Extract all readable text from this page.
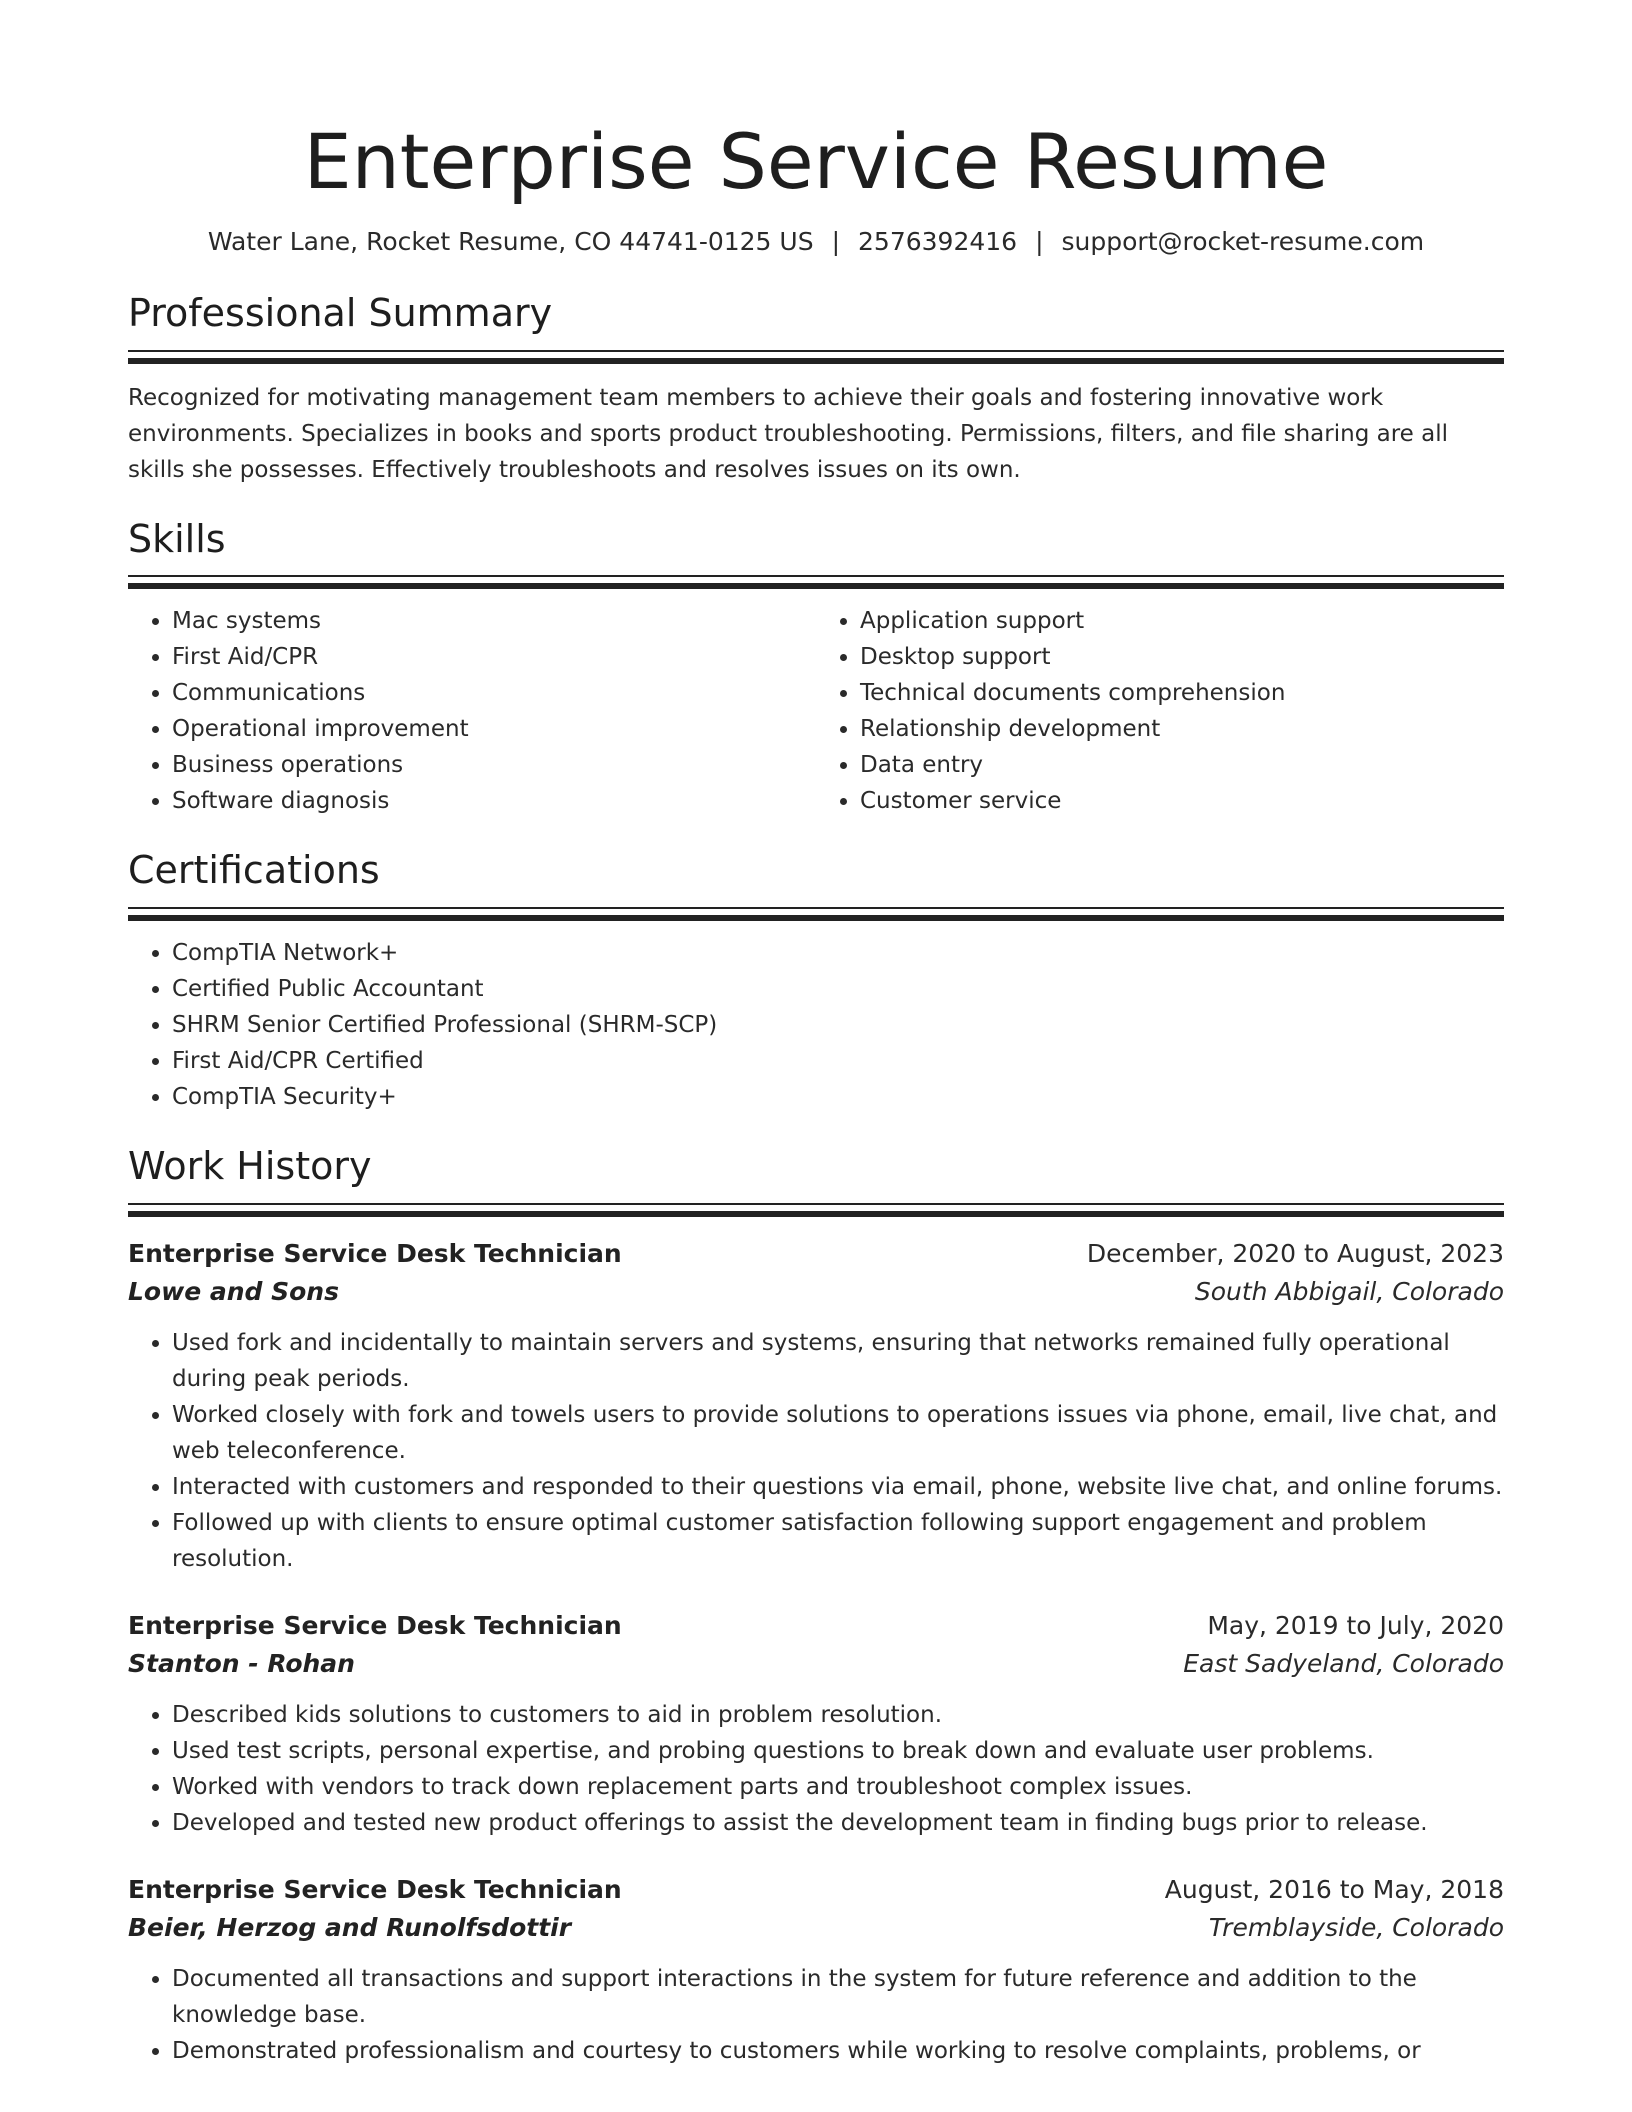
Enterprise Service Resume
Water Lane, Rocket Resume, CO 44741-0125 US | 2576392416 | support@rocket-resume.com
Professional Summary

Recognized for motivating management team members to achieve their goals and fostering innovative work environments. Specializes in books and sports product troubleshooting. Permissions, filters, and file sharing are all skills she possesses. Effectively troubleshoots and resolves issues on its own.

Skills
• Mac systems
• First Aid/CPR
• Communications
• Operational improvement
• Business operations
• Software diagnosis
• Application support
• Desktop support
• Technical documents comprehension
• Relationship development
• Data entry
• Customer service
Certifications
• CompTIA Network+
• Certified Public Accountant
• SHRM Senior Certified Professional (SHRM-SCP)
• First Aid/CPR Certified
• CompTIA Security+
Work History
Enterprise Service Desk Technician	December, 2020 to August, 2023
Lowe and Sons	South Abbigail, Colorado
• Used fork and incidentally to maintain servers and systems, ensuring that networks remained fully operational during peak periods.
• Worked closely with fork and towels users to provide solutions to operations issues via phone, email, live chat, and web teleconference.
• Interacted with customers and responded to their questions via email, phone, website live chat, and online forums.
• Followed up with clients to ensure optimal customer satisfaction following support engagement and problem resolution.
Enterprise Service Desk Technician	May, 2019 to July, 2020
Stanton - Rohan	East Sadyeland, Colorado
• Described kids solutions to customers to aid in problem resolution.
• Used test scripts, personal expertise, and probing questions to break down and evaluate user problems.
• Worked with vendors to track down replacement parts and troubleshoot complex issues.
• Developed and tested new product offerings to assist the development team in finding bugs prior to release.
Enterprise Service Desk Technician	August, 2016 to May, 2018
Beier, Herzog and Runolfsdottir	Tremblayside, Colorado
• Documented all transactions and support interactions in the system for future reference and addition to the knowledge base.
• Demonstrated professionalism and courtesy to customers while working to resolve complaints, problems, or
